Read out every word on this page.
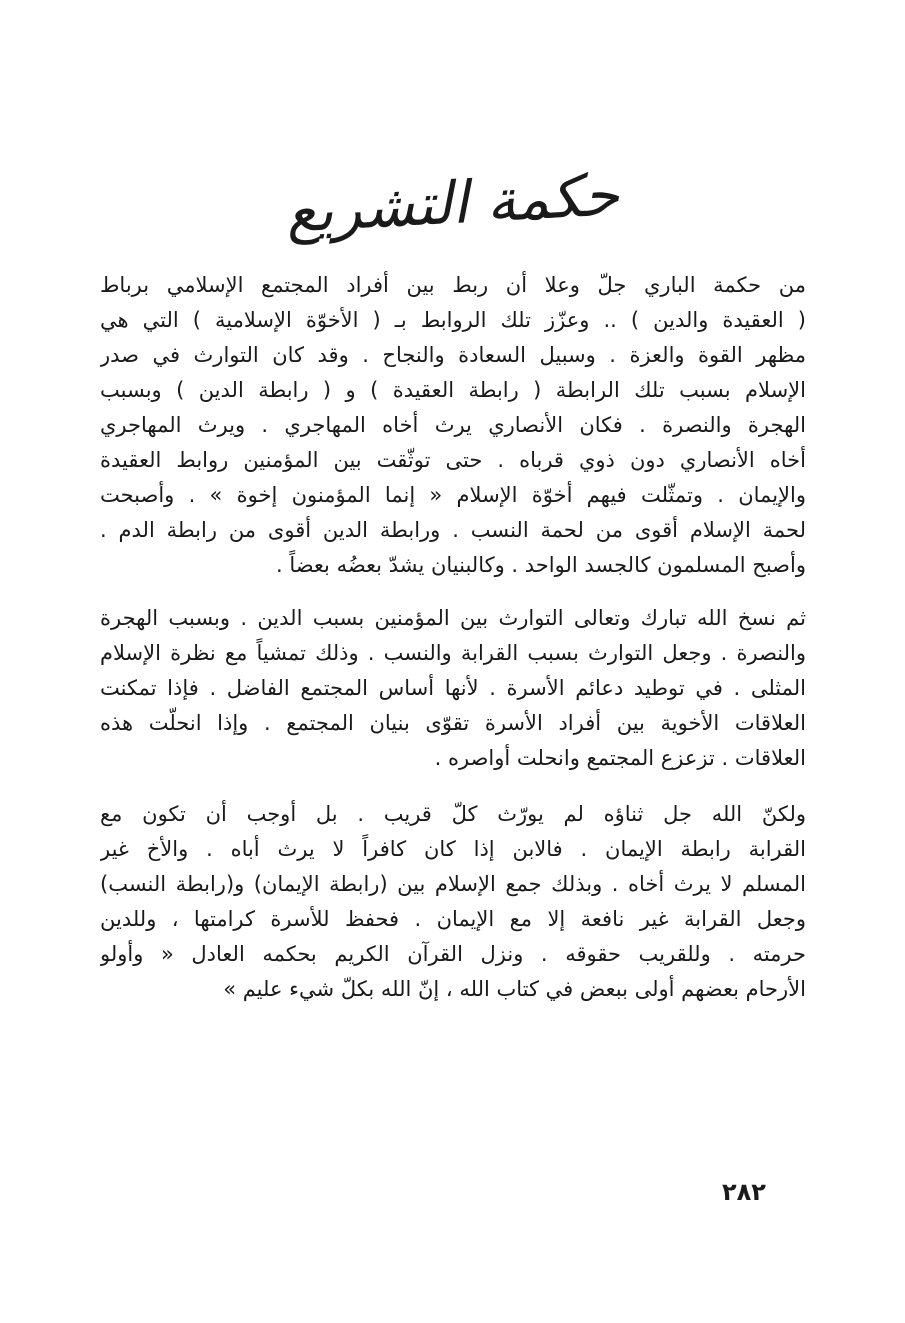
حكمة التشريع
من حكمة الباري جلّ وعلا أن ربط بين أفراد المجتمع الإسلامي برباط
( العقيدة والدين ) .. وعزّز تلك الروابط بـ ( الأخوّة الإسلامية ) التي هي
مظهر القوة والعزة . وسبيل السعادة والنجاح . وقد كان التوارث في صدر
الإسلام بسبب تلك الرابطة ( رابطة العقيدة ) و ( رابطة الدين ) وبسبب
الهجرة والنصرة . فكان الأنصاري يرث أخاه المهاجري . ويرث المهاجري
أخاه الأنصاري دون ذوي قرباه . حتى توثّقت بين المؤمنين روابط العقيدة
والإيمان . وتمثّلت فيهم أخوّة الإسلام « إنما المؤمنون إخوة » . وأصبحت
لحمة الإسلام أقوى من لحمة النسب . ورابطة الدين أقوى من رابطة الدم .
وأصبح المسلمون كالجسد الواحد . وكالبنيان يشدّ بعضُه بعضاً .
ثم نسخ الله تبارك وتعالى التوارث بين المؤمنين بسبب الدين . وبسبب الهجرة
والنصرة . وجعل التوارث بسبب القرابة والنسب . وذلك تمشياً مع نظرة الإسلام
المثلى . في توطيد دعائم الأسرة . لأنها أساس المجتمع الفاضل . فإذا تمكنت
العلاقات الأخوية بين أفراد الأسرة تقوّى بنيان المجتمع . وإذا انحلّت هذه
العلاقات . تزعزع المجتمع وانحلت أواصره .
ولكنّ الله جل ثناؤه لم يورّث كلّ قريب . بل أوجب أن تكون مع
القرابة رابطة الإيمان . فالابن إذا كان كافراً لا يرث أباه . والأخ غير
المسلم لا يرث أخاه . وبذلك جمع الإسلام بين (رابطة الإيمان) و(رابطة النسب)
وجعل القرابة غير نافعة إلا مع الإيمان . فحفظ للأسرة كرامتها ، وللدين
حرمته . وللقريب حقوقه . ونزل القرآن الكريم بحكمه العادل « وأولو
الأرحام بعضهم أولى ببعض في كتاب الله ، إنّ الله بكلّ شيء عليم »
٢٨٢
